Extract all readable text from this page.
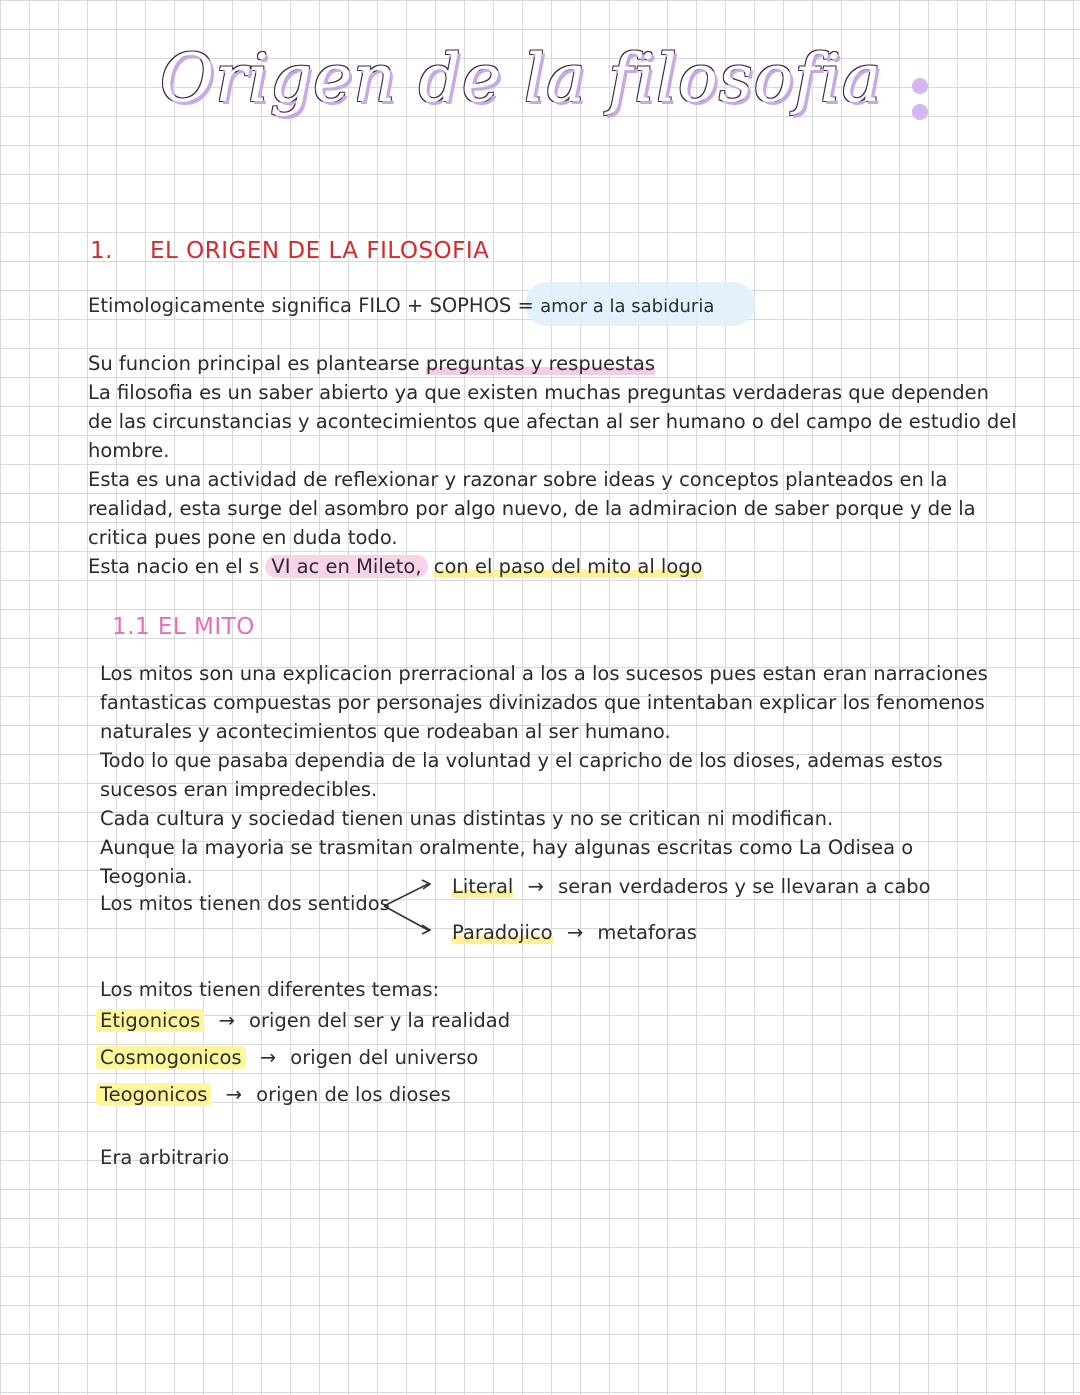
Origen de la filosofia
1. EL ORIGEN DE LA FILOSOFIA
Etimologicamente significa FILO + SOPHOS = amor a la sabiduria

Su funcion principal es plantearse preguntas y respuestas

La filosofia es un saber abierto ya que existen muchas preguntas verdaderas que dependen de las circunstancias y acontecimientos que afectan al ser humano o del campo de estudio del hombre.

Esta es una actividad de reflexionar y razonar sobre ideas y conceptos planteados en la realidad, esta surge del asombro por algo nuevo, de la admiracion de saber porque y de la critica pues pone en duda todo.

Esta nacio en el s VI ac en Mileto, con el paso del mito al logo

1.1 EL MITO

Los mitos son una explicacion prerracional a los a los sucesos pues estan eran narraciones fantasticas compuestas por personajes divinizados que intentaban explicar los fenomenos naturales y acontecimientos que rodeaban al ser humano.

Todo lo que pasaba dependia de la voluntad y el capricho de los dioses, ademas estos sucesos eran impredecibles.

Cada cultura y sociedad tienen unas distintas y no se critican ni modifican.

Aunque la mayoria se trasmitan oralmente, hay algunas escritas como La Odisea o Teogonia.

Los mitos tienen dos sentidos
Literal → seran verdaderos y se llevaran a cabo
Paradojico → metaforas
Los mitos tienen diferentes temas:
Etigonicos → origen del ser y la realidad
Cosmogonicos → origen del universo
Teogonicos → origen de los dioses
Era arbitrario
